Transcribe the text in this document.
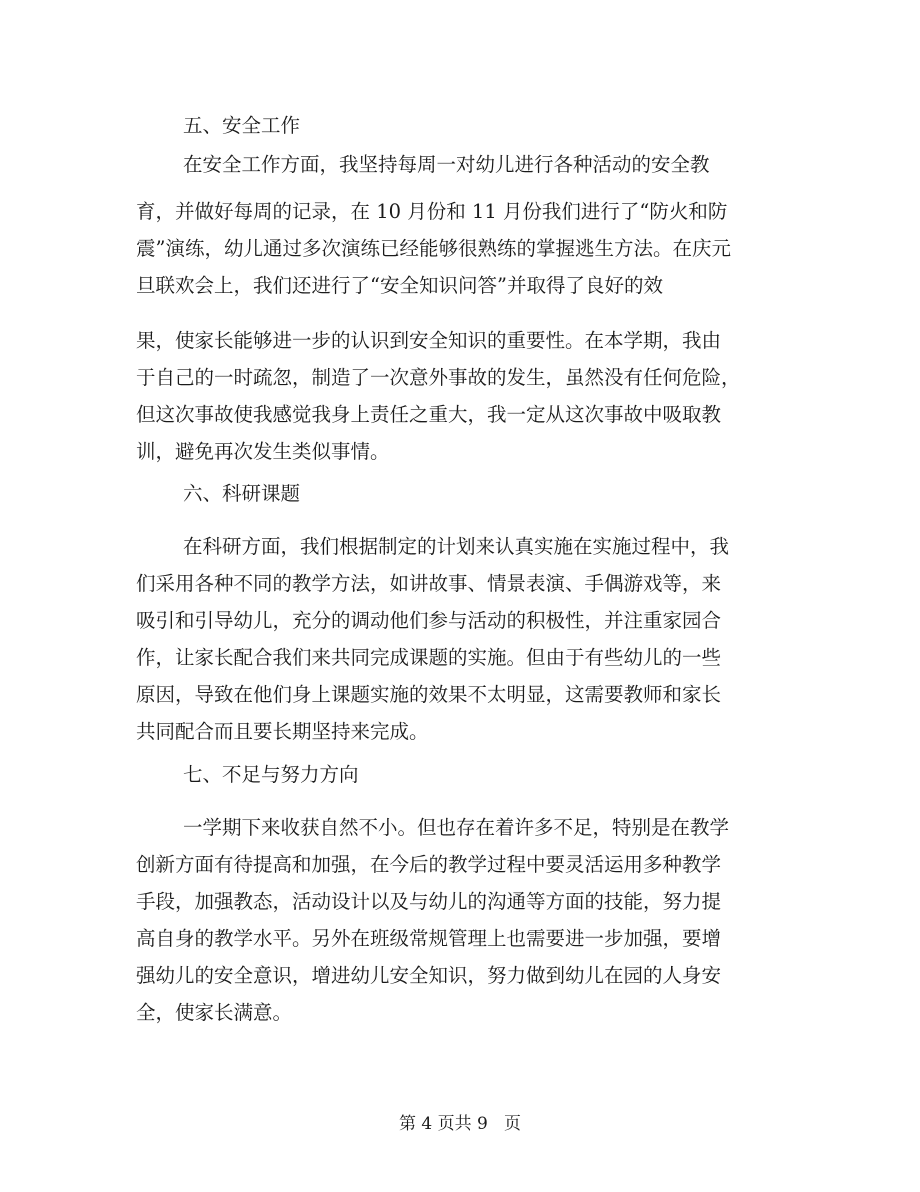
五、安全工作
在安全工作方面，我坚持每周一对幼儿进行各种活动的安全教
育，并做好每周的记录，在 10 月份和 11 月份我们进行了“防火和防
震”演练，幼儿通过多次演练已经能够很熟练的掌握逃生方法。在庆元
旦联欢会上，我们还进行了“安全知识问答”并取得了良好的效
果，使家长能够进一步的认识到安全知识的重要性。在本学期，我由
于自己的一时疏忽，制造了一次意外事故的发生，虽然没有任何危险，
但这次事故使我感觉我身上责任之重大，我一定从这次事故中吸取教
训，避免再次发生类似事情。
六、科研课题
在科研方面，我们根据制定的计划来认真实施在实施过程中，我
们采用各种不同的教学方法，如讲故事、情景表演、手偶游戏等，来
吸引和引导幼儿，充分的调动他们参与活动的积极性，并注重家园合
作，让家长配合我们来共同完成课题的实施。但由于有些幼儿的一些
原因，导致在他们身上课题实施的效果不太明显，这需要教师和家长
共同配合而且要长期坚持来完成。
七、不足与努力方向
一学期下来收获自然不小。但也存在着许多不足，特别是在教学
创新方面有待提高和加强，在今后的教学过程中要灵活运用多种教学
手段，加强教态，活动设计以及与幼儿的沟通等方面的技能，努力提
高自身的教学水平。另外在班级常规管理上也需要进一步加强，要增
强幼儿的安全意识，增进幼儿安全知识，努力做到幼儿在园的人身安
全，使家长满意。
第 4 页共 9   页
